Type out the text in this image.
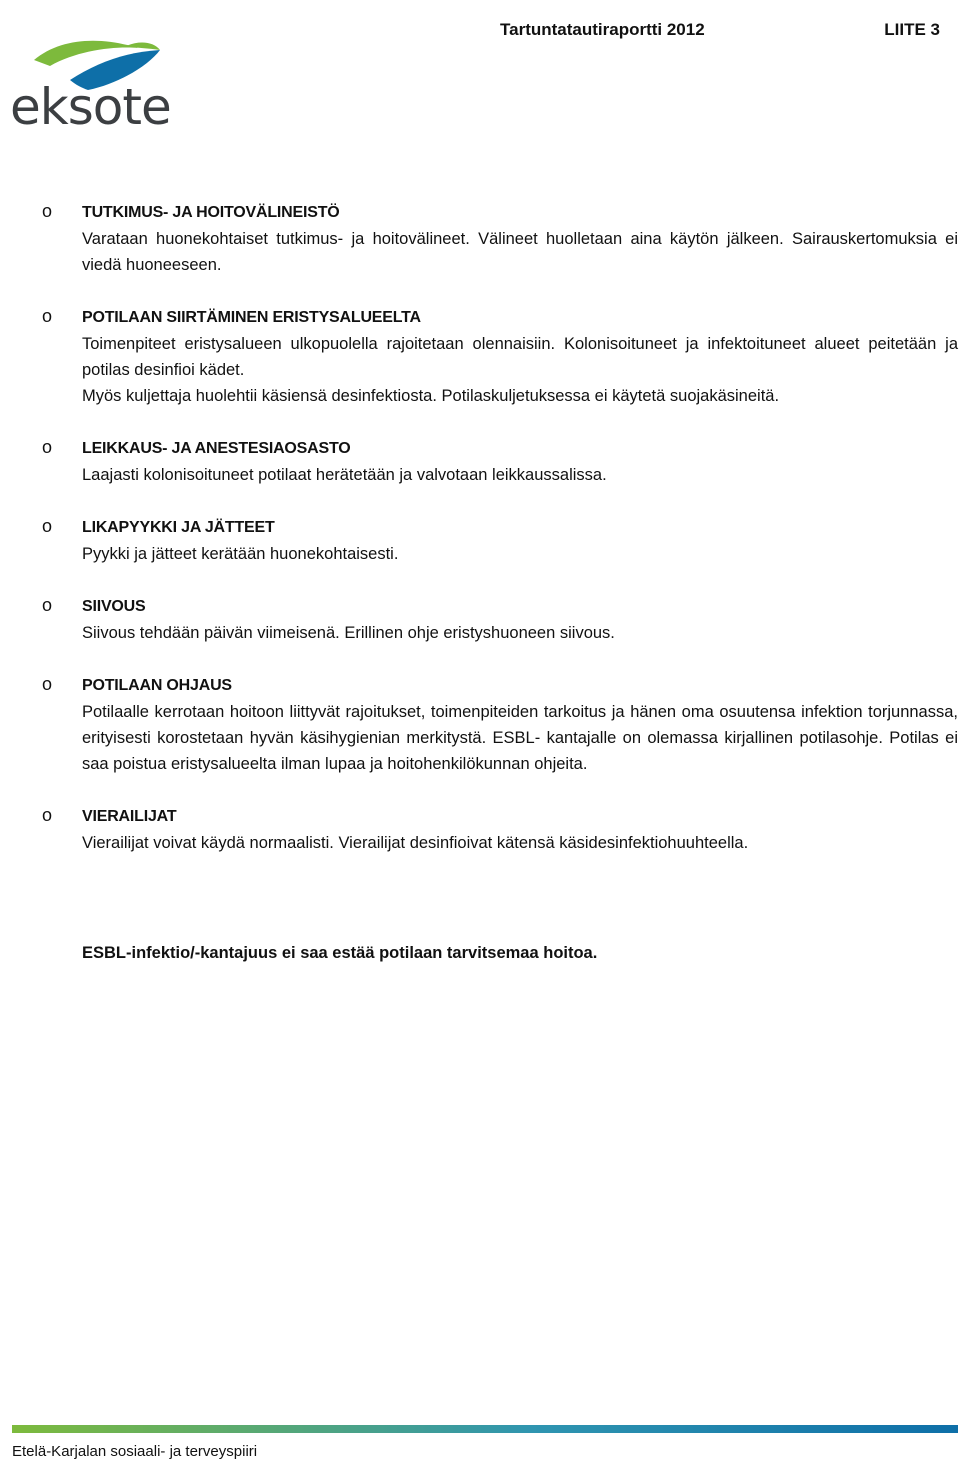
Tartuntatautiraportti 2012	LIITE 3
eksote
o TUTKIMUS- JA HOITOVÄLINEISTÖ
Varataan huonekohtaiset tutkimus- ja hoitovälineet. Välineet huolletaan aina käytön jälkeen. Sairauskertomuksia ei viedä huoneeseen.
o POTILAAN SIIRTÄMINEN ERISTYSALUEELTA
Toimenpiteet eristysalueen ulkopuolella rajoitetaan olennaisiin. Kolonisoituneet ja infektoituneet alueet peitetään ja potilas desinfioi kädet.
Myös kuljettaja huolehtii käsiensä desinfektiosta. Potilaskuljetuksessa ei käytetä suojakäsineitä.
o LEIKKAUS- JA ANESTESIAOSASTO
Laajasti kolonisoituneet potilaat herätetään ja valvotaan leikkaussalissa.
o LIKAPYYKKI JA JÄTTEET
Pyykki ja jätteet kerätään huonekohtaisesti.
o SIIVOUS
Siivous tehdään päivän viimeisenä. Erillinen ohje eristyshuoneen siivous.
o POTILAAN OHJAUS
Potilaalle kerrotaan hoitoon liittyvät rajoitukset, toimenpiteiden tarkoitus ja hänen oma osuutensa infektion torjunnassa, erityisesti korostetaan hyvän käsihygienian merkitystä. ESBL- kantajalle on olemassa kirjallinen potilasohje. Potilas ei saa poistua eristysalueelta ilman lupaa ja hoitohenkilökunnan ohjeita.
o VIERAILIJAT
Vierailijat voivat käydä normaalisti. Vierailijat desinfioivat kätensä käsidesinfektiohuuhteella.
ESBL-infektio/-kantajuus ei saa estää potilaan tarvitsemaa hoitoa.
Etelä-Karjalan sosiaali- ja terveyspiiri
